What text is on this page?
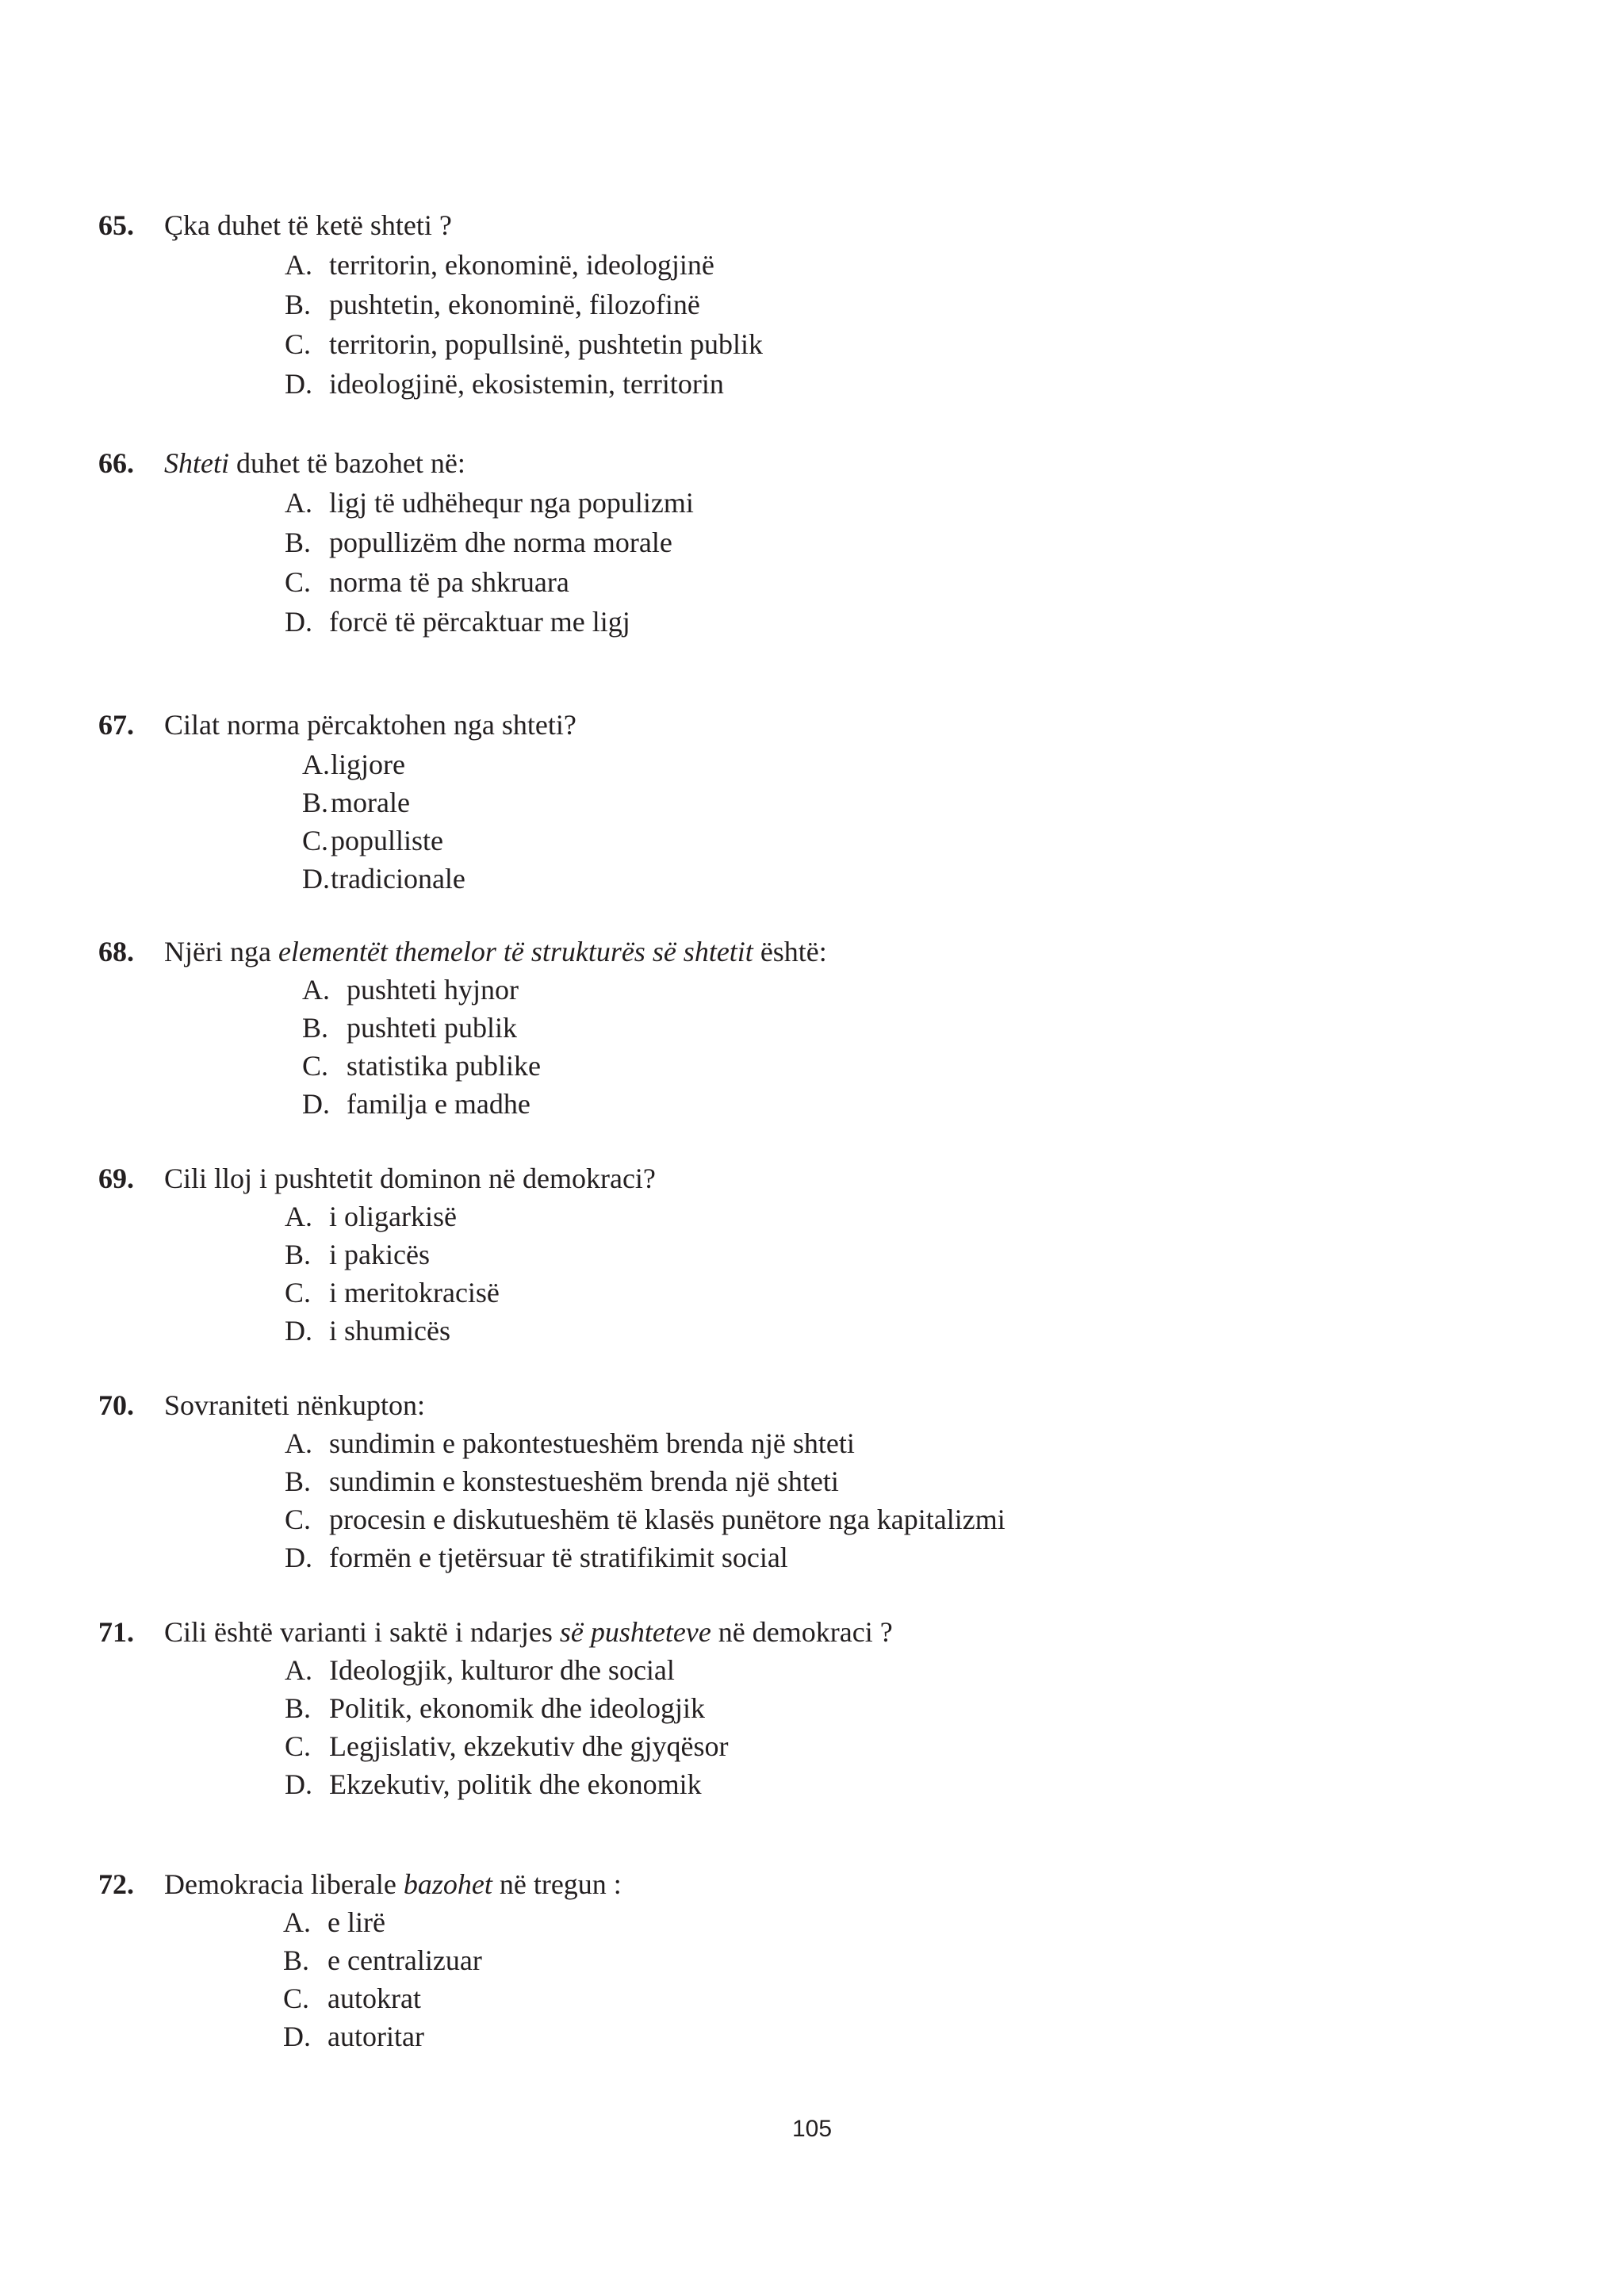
65. Çka duhet të ketë shteti ?
A. territorin, ekonominë, ideologjinë
B. pushtetin, ekonominë, filozofinë
C. territorin, popullsinë, pushtetin publik
D. ideologjinë, ekosistemin, territorin
66. Shteti duhet të bazohet në:
A. ligj të udhëhequr nga populizmi
B. popullizëm dhe norma morale
C. norma të pa shkruara
D. forcë të përcaktuar me ligj
67. Cilat norma përcaktohen nga shteti?
A.ligjore
B.morale
C.populliste
D.tradicionale
68. Njëri nga elementët themelor të strukturës së shtetit është:
A. pushteti hyjnor
B. pushteti publik
C. statistika publike
D. familja e madhe
69. Cili lloj i pushtetit dominon në demokraci?
A. i oligarkisë
B. i pakicës
C. i meritokracisë
D. i shumicës
70. Sovraniteti nënkupton:
A. sundimin e pakontestueshëm brenda një shteti
B. sundimin e konstestueshëm brenda një shteti
C. procesin e diskutueshëm të klasës punëtore nga kapitalizmi
D. formën e tjetërsuar të stratifikimit social
71. Cili është varianti i saktë i ndarjes së pushteteve në demokraci ?
A. Ideologjik, kulturor dhe social
B. Politik, ekonomik dhe ideologjik
C. Legjislativ, ekzekutiv dhe gjyqësor
D. Ekzekutiv, politik dhe ekonomik
72. Demokracia liberale bazohet në tregun :
A. e lirë
B. e centralizuar
C. autokrat
D. autoritar
105
